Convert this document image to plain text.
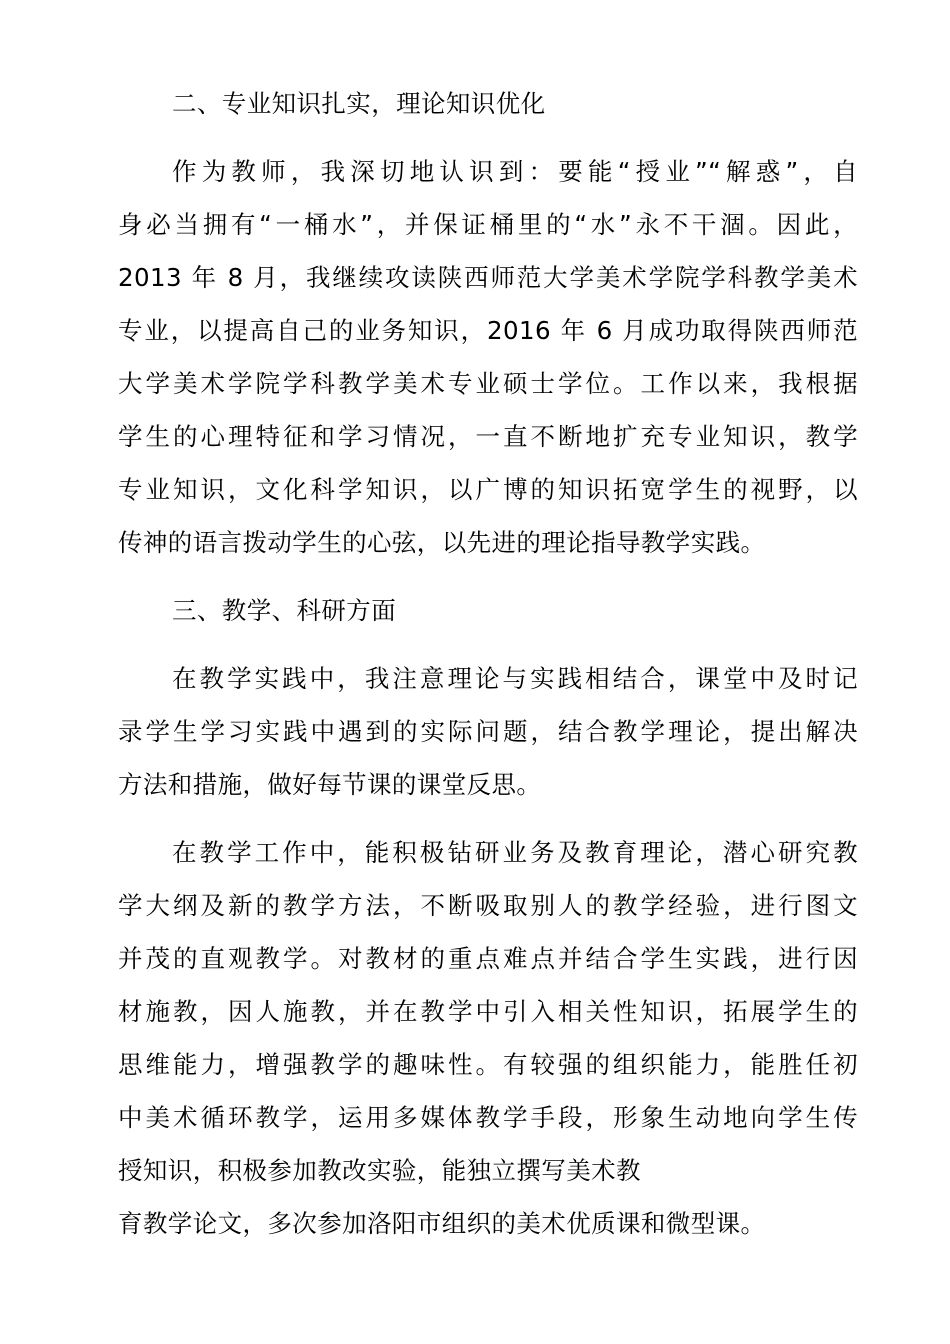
二、专业知识扎实，理论知识优化
作为教师，我深切地认识到：要能“授业”“解惑”，自
身必当拥有“一桶水”，并保证桶里的“水”永不干涸。因此，
2013 年 8 月，我继续攻读陕西师范大学美术学院学科教学美术
专业，以提高自己的业务知识，2016 年 6 月成功取得陕西师范
大学美术学院学科教学美术专业硕士学位。工作以来，我根据
学生的心理特征和学习情况，一直不断地扩充专业知识，教学
专业知识，文化科学知识，以广博的知识拓宽学生的视野，以
传神的语言拨动学生的心弦，以先进的理论指导教学实践。
三、教学、科研方面
在教学实践中，我注意理论与实践相结合，课堂中及时记
录学生学习实践中遇到的实际问题，结合教学理论，提出解决
方法和措施，做好每节课的课堂反思。
在教学工作中，能积极钻研业务及教育理论，潜心研究教
学大纲及新的教学方法，不断吸取别人的教学经验，进行图文
并茂的直观教学。对教材的重点难点并结合学生实践，进行因
材施教，因人施教，并在教学中引入相关性知识，拓展学生的
思维能力，增强教学的趣味性。有较强的组织能力，能胜任初
中美术循环教学，运用多媒体教学手段，形象生动地向学生传
授知识，积极参加教改实验，能独立撰写美术教
育教学论文，多次参加洛阳市组织的美术优质课和微型课。
